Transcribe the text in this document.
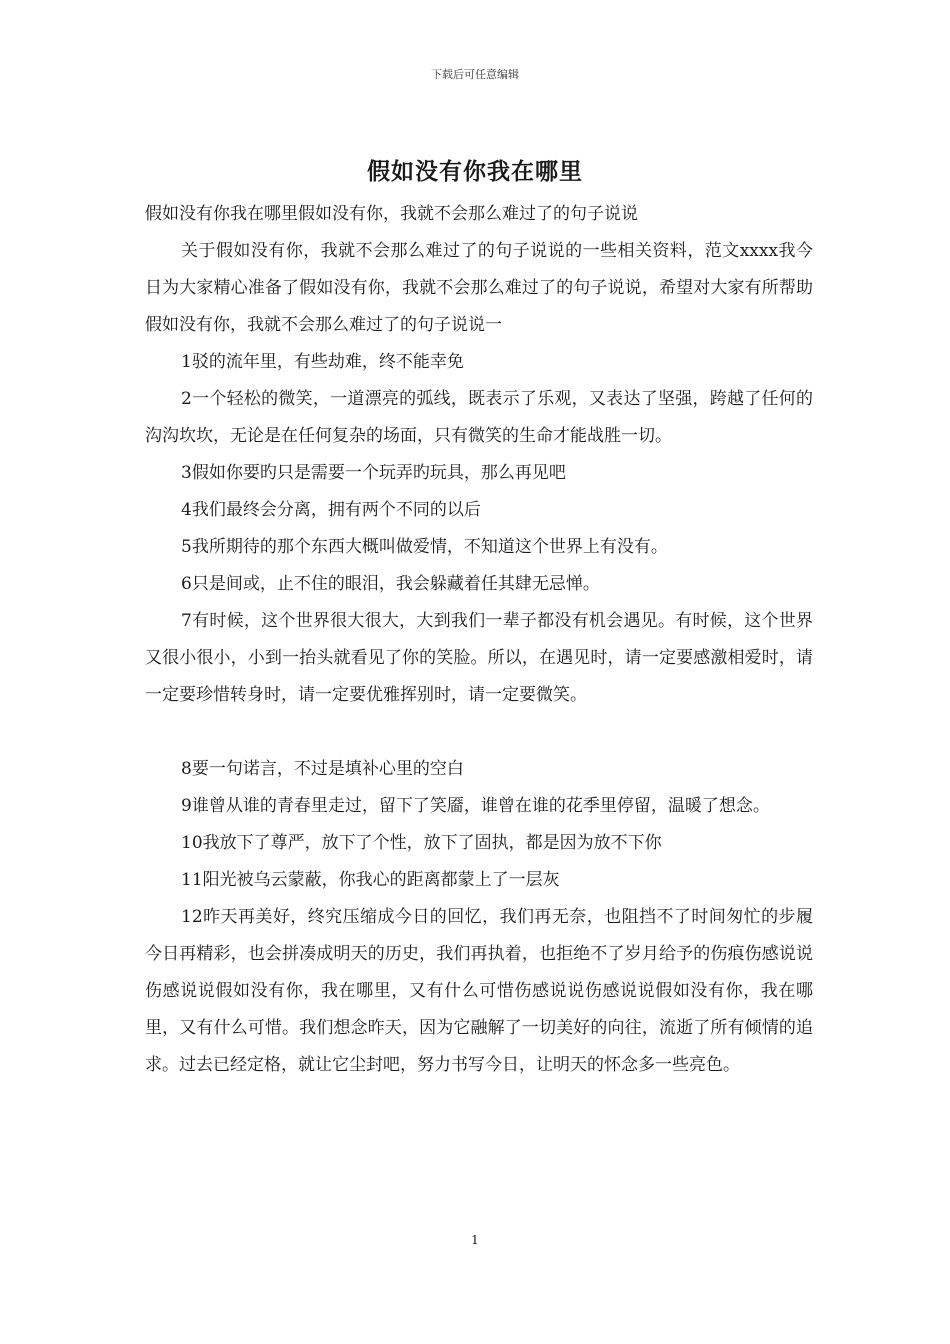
下载后可任意编辑
假如没有你我在哪里

假如没有你我在哪里假如没有你，我就不会那么难过了的句子说说

关于假如没有你，我就不会那么难过了的句子说说的一些相关资料，范文xxxx我今日为大家精心准备了假如没有你，我就不会那么难过了的句子说说，希望对大家有所帮助假如没有你，我就不会那么难过了的句子说说一

1驳的流年里，有些劫难，终不能幸免

2一个轻松的微笑，一道漂亮的弧线，既表示了乐观，又表达了坚强，跨越了任何的沟沟坎坎，无论是在任何复杂的场面，只有微笑的生命才能战胜一切。

3假如你要旳只是需要一个玩弄旳玩具，那么再见吧

4我们最终会分离，拥有两个不同的以后

5我所期待的那个东西大概叫做爱情，不知道这个世界上有没有。

6只是间或，止不住的眼泪，我会躲藏着任其肆无忌惮。

7有时候，这个世界很大很大，大到我们一辈子都没有机会遇见。有时候，这个世界又很小很小，小到一抬头就看见了你的笑脸。所以，在遇见时，请一定要感激相爱时，请一定要珍惜转身时，请一定要优雅挥别时，请一定要微笑。

8要一句诺言，不过是填补心里的空白

9谁曾从谁的青春里走过，留下了笑靥，谁曾在谁的花季里停留，温暖了想念。

10我放下了尊严，放下了个性，放下了固执，都是因为放不下你

11阳光被乌云蒙蔽，你我心的距离都蒙上了一层灰

12昨天再美好，终究压缩成今日的回忆，我们再无奈，也阻挡不了时间匆忙的步履今日再精彩，也会拼凑成明天的历史，我们再执着，也拒绝不了岁月给予的伤痕伤感说说伤感说说假如没有你，我在哪里，又有什么可惜伤感说说伤感说说假如没有你，我在哪里，又有什么可惜。我们想念昨天，因为它融解了一切美好的向往，流逝了所有倾情的追求。过去已经定格，就让它尘封吧，努力书写今日，让明天的怀念多一些亮色。

1
